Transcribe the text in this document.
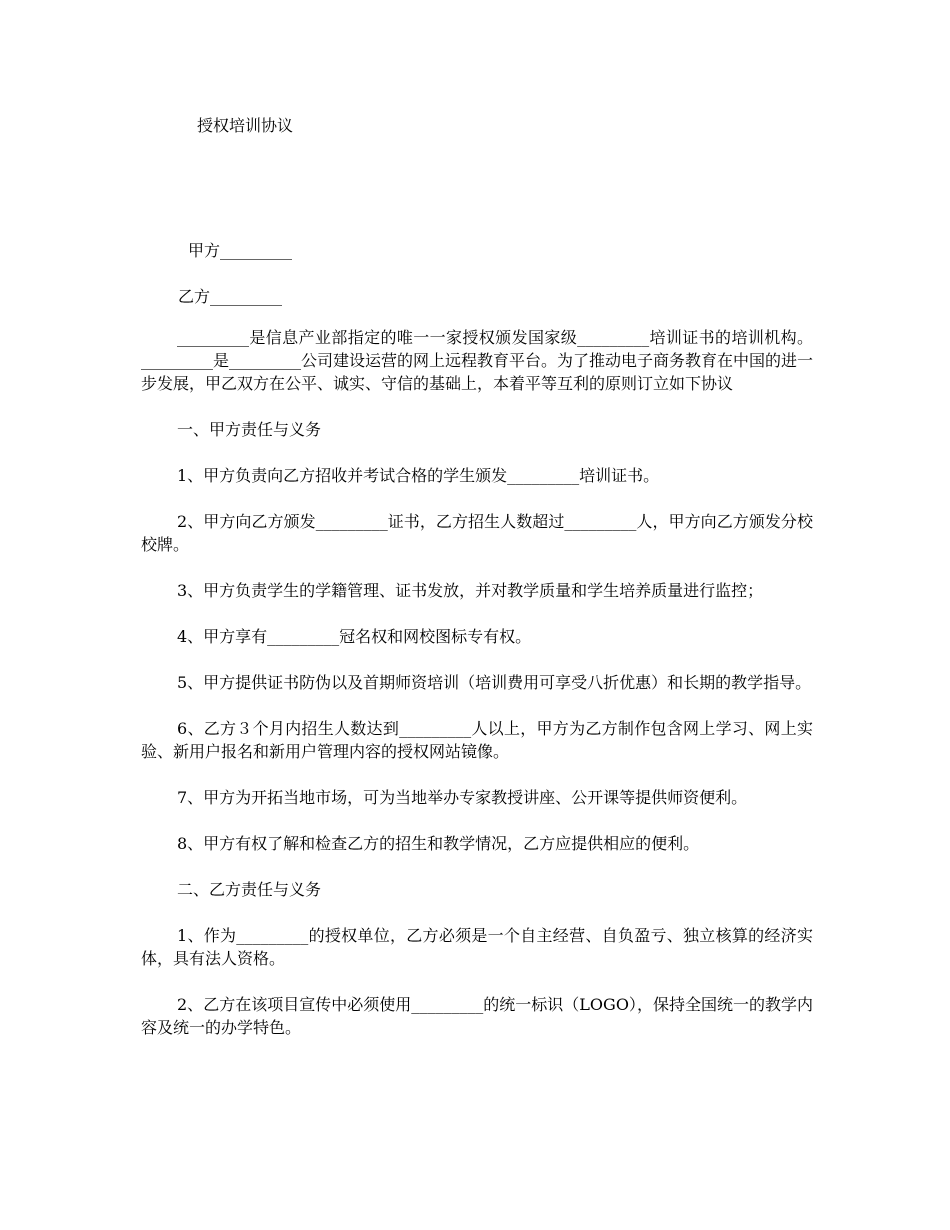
授权培训协议
甲方_________
乙方_________

_________是信息产业部指定的唯一一家授权颁发国家级_________培训证书的培训机构。_________是_________公司建设运营的网上远程教育平台。为了推动电子商务教育在中国的进一步发展，甲乙双方在公平、诚实、守信的基础上，本着平等互利的原则订立如下协议

一、甲方责任与义务

1、甲方负责向乙方招收并考试合格的学生颁发_________培训证书。

2、甲方向乙方颁发_________证书，乙方招生人数超过_________人，甲方向乙方颁发分校校牌。

3、甲方负责学生的学籍管理、证书发放，并对教学质量和学生培养质量进行监控；

4、甲方享有_________冠名权和网校图标专有权。

5、甲方提供证书防伪以及首期师资培训（培训费用可享受八折优惠）和长期的教学指导。

6、乙方３个月内招生人数达到_________人以上，甲方为乙方制作包含网上学习、网上实验、新用户报名和新用户管理内容的授权网站镜像。

7、甲方为开拓当地市场，可为当地举办专家教授讲座、公开课等提供师资便利。

8、甲方有权了解和检查乙方的招生和教学情况，乙方应提供相应的便利。

二、乙方责任与义务

1、作为_________的授权单位，乙方必须是一个自主经营、自负盈亏、独立核算的经济实体，具有法人资格。

2、乙方在该项目宣传中必须使用_________的统一标识（LOGO），保持全国统一的教学内容及统一的办学特色。
